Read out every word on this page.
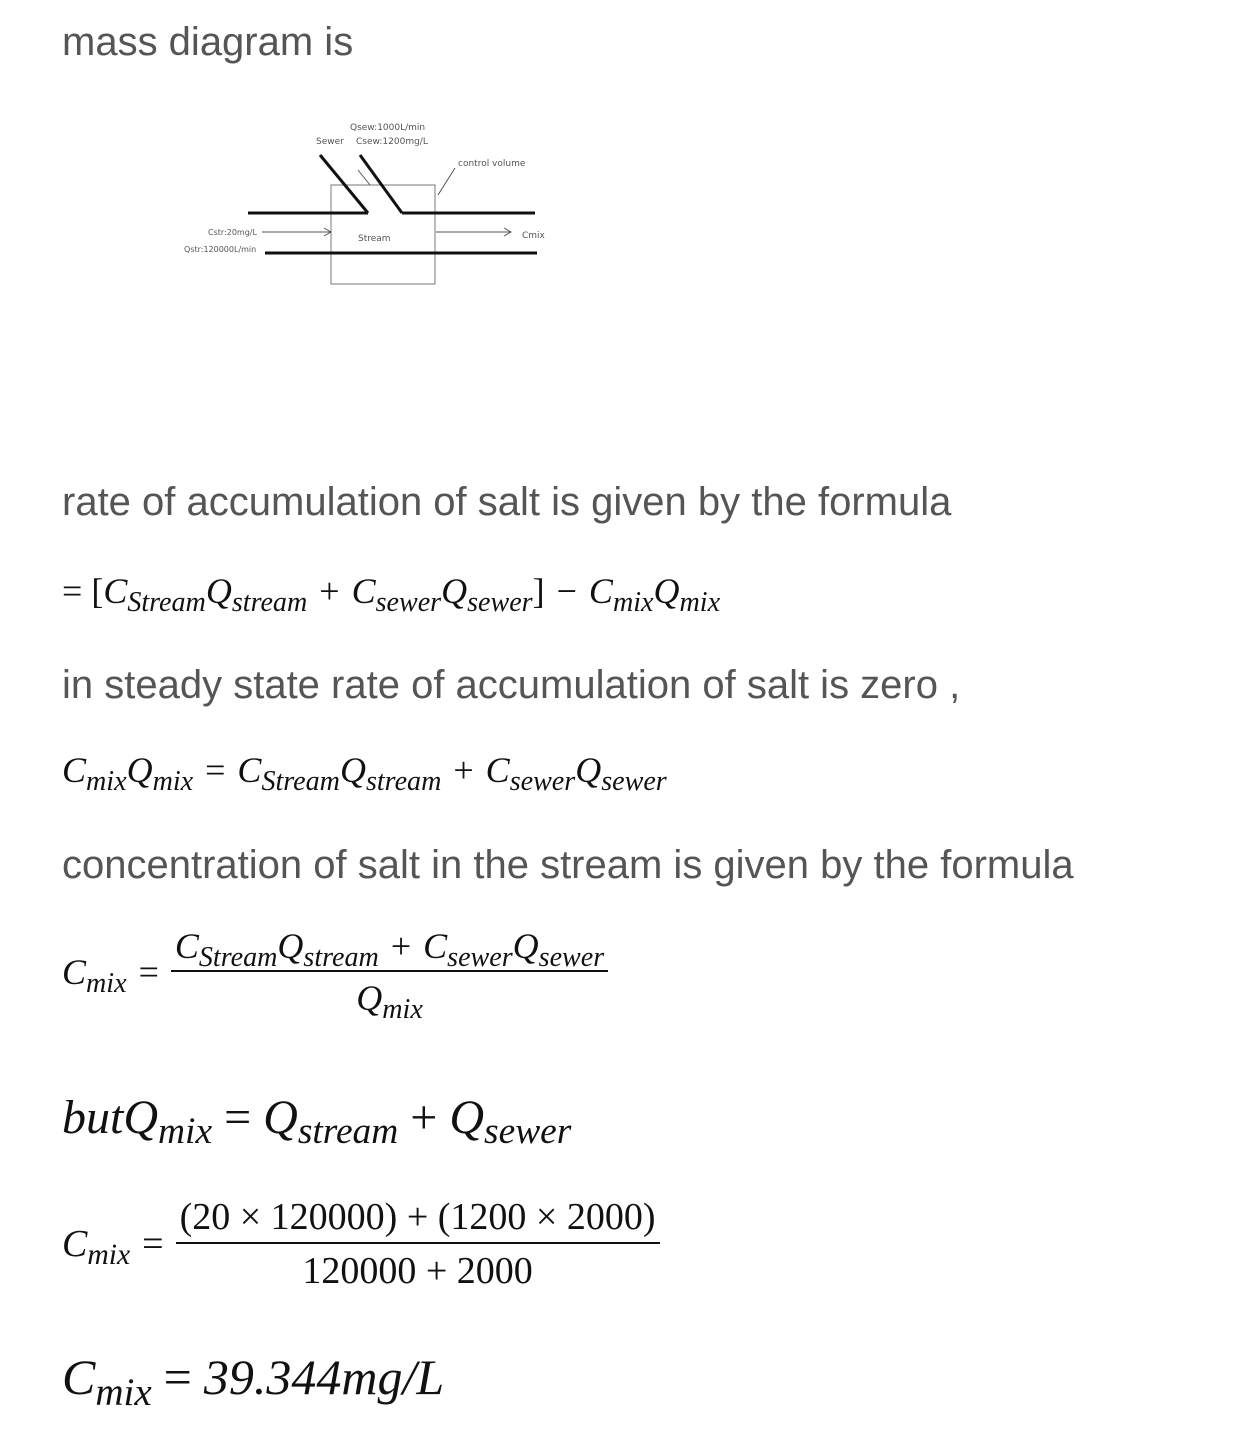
mass diagram is
Qsew:1000L/min
Sewer Csew:1200mg/L
control volume
Cstr:20mg/L
Qstr:120000L/min
Stream	Cmix
rate of accumulation of salt is given by the formula
= $[C_{Stream}Q_{stream} + C_{sewer}Q_{sewer}] - C_{mix}Q_{mix}$
in steady state rate of accumulation of salt is zero ,
$C_{mix}Q_{mix} = C_{Stream}Q_{stream} + C_{sewer}Q_{sewer}$
concentration of salt in the stream is given by the formula
$C_{mix} = \frac{C_{Stream}Q_{stream} + C_{sewer}Q_{sewer}}{Q_{mix}}$
butQ$_{mix}$ = $Q_{stream} + Q_{sewer}$
$C_{mix} = \frac{(20 \times 120000) + (1200 \times 2000)}{120000 + 2000}$
$C_{mix} = 39.344mg/L$
